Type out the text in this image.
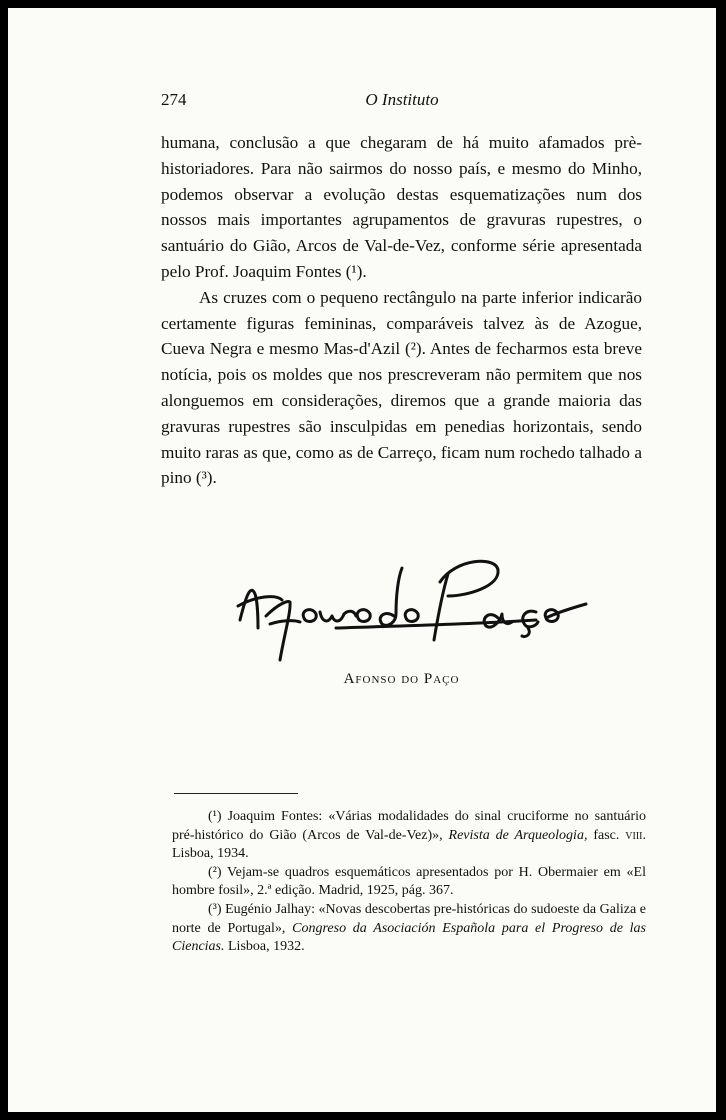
O Instituto
274

humana, conclusão a que chegaram de há muito afamados prè-historiadores. Para não sairmos do nosso país, e mesmo do Minho, podemos observar a evolução destas esquematizações num dos nossos mais importantes agrupamentos de gravuras rupestres, o santuário do Gião, Arcos de Val-de-Vez, conforme série apresentada pelo Prof. Joaquim Fontes (¹).

As cruzes com o pequeno rectângulo na parte inferior indicarão certamente figuras femininas, comparáveis talvez às de Azogue, Cueva Negra e mesmo Mas-d'Azil (²). Antes de fecharmos esta breve notícia, pois os moldes que nos prescreveram não permitem que nos alonguemos em considerações, diremos que a grande maioria das gravuras rupestres são insculpidas em penedias horizontais, sendo muito raras as que, como as de Carreço, ficam num rochedo talhado a pino (³).

Afonso do Paço

(¹) Joaquim Fontes: «Várias modalidades do sinal cruciforme no santuário pré-histórico do Gião (Arcos de Val-de-Vez)», Revista de Arqueologia, fasc. viii. Lisboa, 1934.

(²) Vejam-se quadros esquemáticos apresentados por H. Obermaier em «El hombre fosil», 2.ª edição. Madrid, 1925, pág. 367.

(³) Eugénio Jalhay: «Novas descobertas pre-históricas do sudoeste da Galiza e norte de Portugal», Congreso da Asociación Española para el Progreso de las Ciencias. Lisboa, 1932.
